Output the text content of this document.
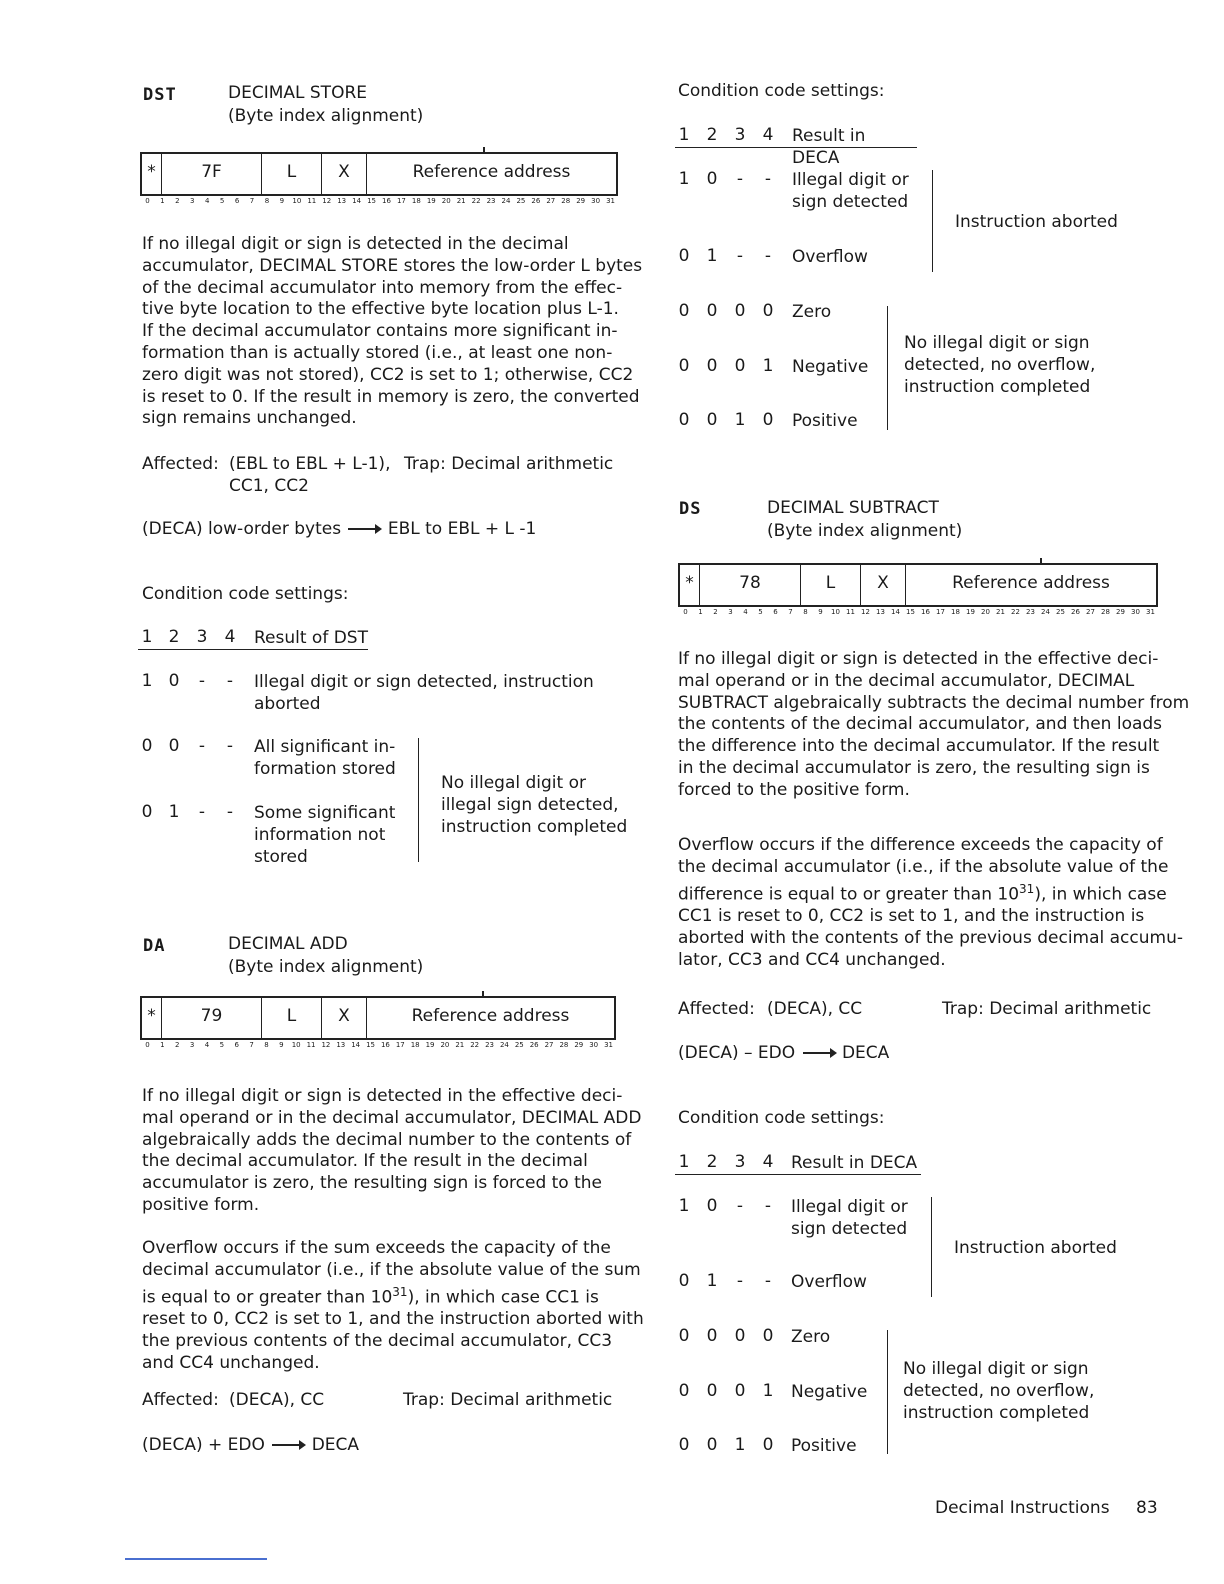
DST	DECIMAL STORE
(Byte index alignment)
*	7F	L	X	Reference address
0	1	2	3	4	5	6	7	8	9	10 11 12 13 14 15 16 17 18 19 20 21 22 23 24 25 26 27 28 29 30 31
If no illegal digit or sign is detected in the decimal
accumulator, DECIMAL STORE stores the low-order L bytes
of the decimal accumulator into memory from the effec-
tive byte location to the effective byte location plus L-1.
If the decimal accumulator contains more significant in-
formation than is actually stored (i.e., at least one non-
zero digit was not stored), CC2 is set to 1; otherwise, CC2
is reset to 0. If the result in memory is zero, the converted
sign remains unchanged.
Affected: (EBL to EBL + L-1),
CC1, CC2
Trap: Decimal arithmetic
(DECA) low-order bytes	EBL to EBL + L -1
Condition code settings:
1 2 3 4 Result of DST
1 0	-	-	Illegal digit or sign detected, instruction
aborted
0 0	-	-	All significant in-
formation stored
0 1	-	-	Some significant
information not
stored
No illegal digit or
illegal sign detected,
instruction completed
DA	DECIMAL ADD
(Byte index alignment)
*	79	L	X	Reference address
0	1	2	3	4	5	6	7	8	9	10 11 12 13 14 15 16 17 18 19 20 21 22 23 24 25 26 27 28 29 30 31
If no illegal digit or sign is detected in the effective deci-
mal operand or in the decimal accumulator, DECIMAL ADD
algebraically adds the decimal number to the contents of
the decimal accumulator. If the result in the decimal
accumulator is zero, the resulting sign is forced to the
positive form.
Overflow occurs if the sum exceeds the capacity of the
decimal accumulator (i.e., if the absolute value of the sum
is equal to or greater than $10^{31}$), in which case CC1 is
reset to 0, CC2 is set to 1, and the instruction aborted with
the previous contents of the decimal accumulator, CC3
and CC4 unchanged.
Affected: (DECA), CC	Trap: Decimal arithmetic
(DECA) + EDO	DECA
Condition code settings:
1 2 3 4 Result in DECA
1 0	-	-	Illegal digit or
sign detected
0 1	-	-	Overflow
Instruction aborted
0 0 0 0 Zero
0 0 0 1 Negative
0 0 1 0 Positive
No illegal digit or sign
detected, no overflow,
instruction completed
DS	DECIMAL SUBTRACT
(Byte index alignment)
*	78	L	X	Reference address
0	1	2	3	4	5	6	7	8	9	10 11 12 13 14 15 16 17 18 19 20 21 22 23 24 25 26 27 28 29 30 31
If no illegal digit or sign is detected in the effective deci-
mal operand or in the decimal accumulator, DECIMAL
SUBTRACT algebraically subtracts the decimal number from
the contents of the decimal accumulator, and then loads
the difference into the decimal accumulator. If the result
in the decimal accumulator is zero, the resulting sign is
forced to the positive form.
Overflow occurs if the difference exceeds the capacity of
the decimal accumulator (i.e., if the absolute value of the
difference is equal to or greater than $10^{31}$), in which case
CC1 is reset to 0, CC2 is set to 1, and the instruction is
aborted with the contents of the previous decimal accumu-
lator, CC3 and CC4 unchanged.
Affected: (DECA), CC	Trap: Decimal arithmetic
(DECA) – EDO	DECA
Condition code settings:
1 2 3 4 Result in DECA
1 0	-	-	Illegal digit or
sign detected
0 1	-	-	Overflow
Instruction aborted
0 0 0 0 Zero
0 0 0 1 Negative
0 0 1 0 Positive
No illegal digit or sign
detected, no overflow,
instruction completed
Decimal Instructions 83
